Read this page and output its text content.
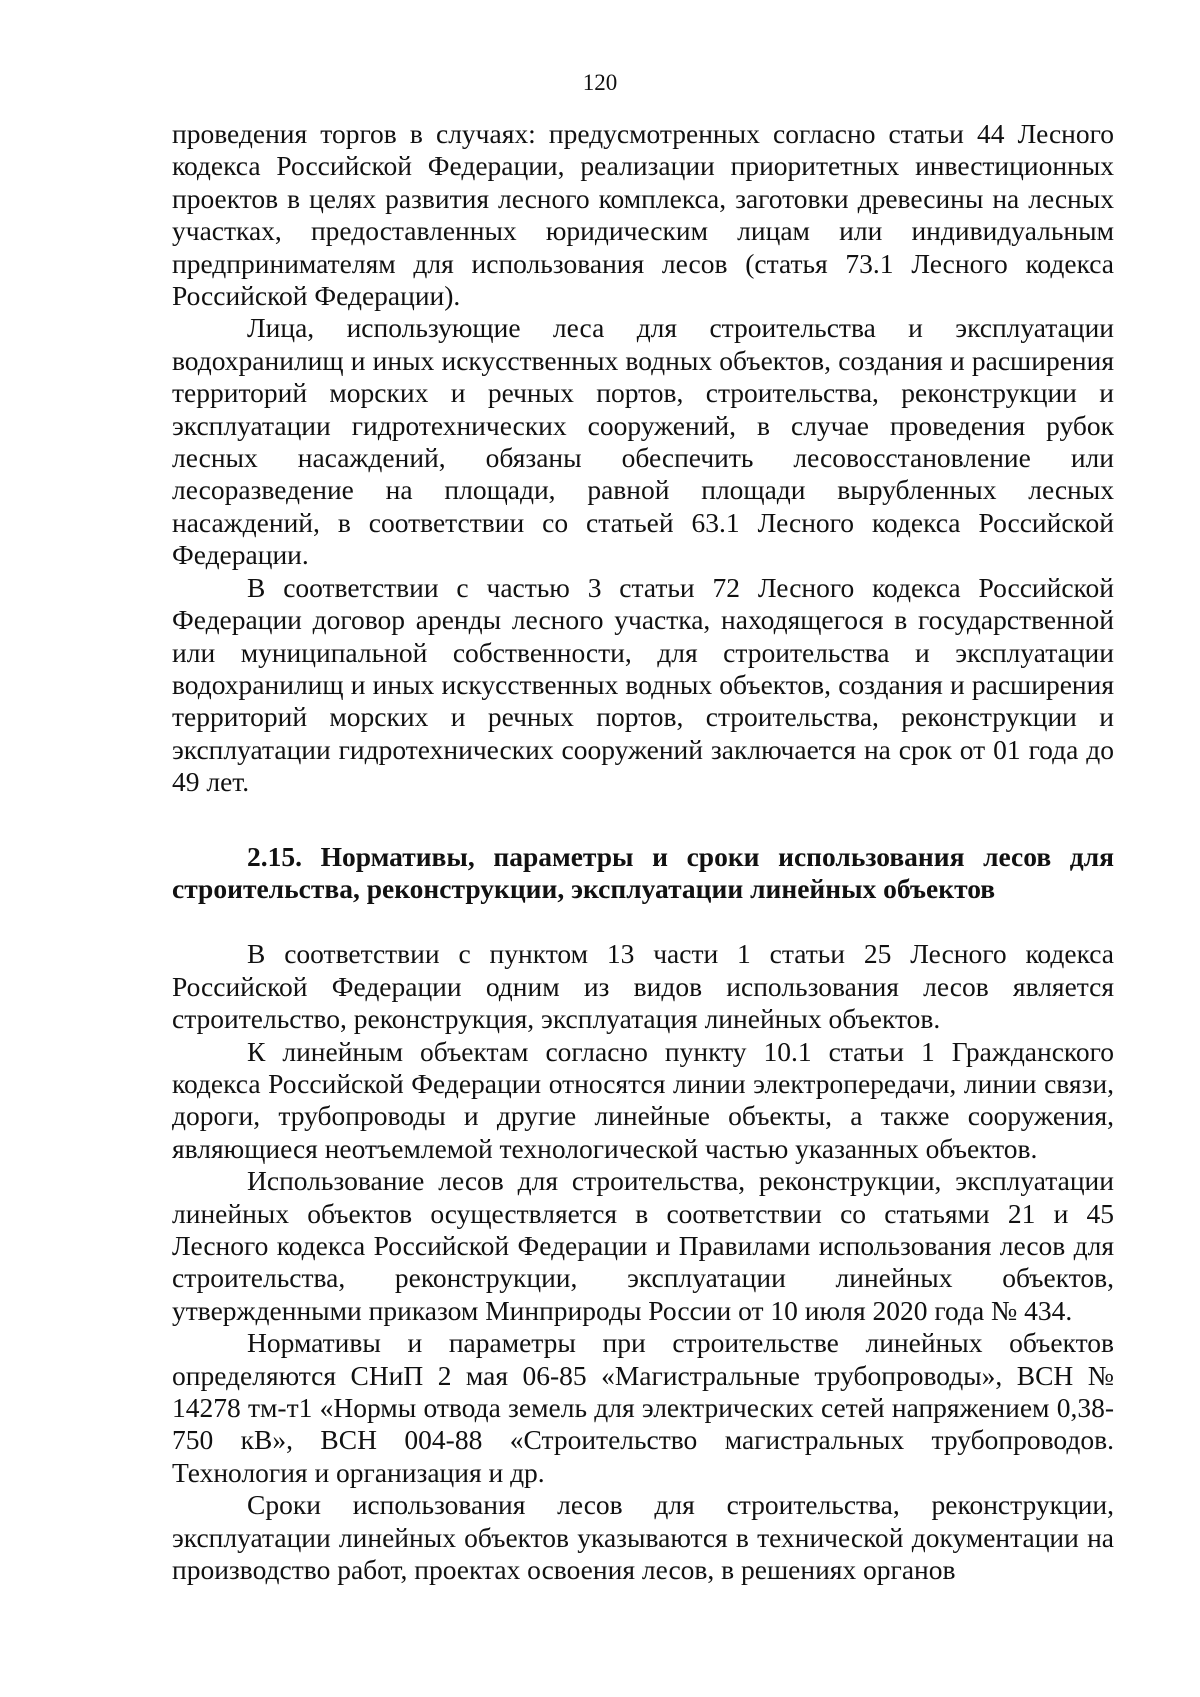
120

проведения торгов в случаях: предусмотренных согласно статьи 44 Лесного кодекса Российской Федерации, реализации приоритетных инвестиционных проектов в целях развития лесного комплекса, заготовки древесины на лесных участках, предоставленных юридическим лицам или индивидуальным предпринимателям для использования лесов (статья 73.1 Лесного кодекса Российской Федерации).

Лица, использующие леса для строительства и эксплуатации водохранилищ и иных искусственных водных объектов, создания и расширения территорий морских и речных портов, строительства, реконструкции и эксплуатации гидротехнических сооружений, в случае проведения рубок лесных насаждений, обязаны обеспечить лесовосстановление или лесоразведение на площади, равной площади вырубленных лесных насаждений, в соответствии со статьей 63.1 Лесного кодекса Российской Федерации.

В соответствии с частью 3 статьи 72 Лесного кодекса Российской Федерации договор аренды лесного участка, находящегося в государственной или муниципальной собственности, для строительства и эксплуатации водохранилищ и иных искусственных водных объектов, создания и расширения территорий морских и речных портов, строительства, реконструкции и эксплуатации гидротехнических сооружений заключается на срок от 01 года до 49 лет.

2.15. Нормативы, параметры и сроки использования лесов для строительства, реконструкции, эксплуатации линейных объектов

В соответствии с пунктом 13 части 1 статьи 25 Лесного кодекса Российской Федерации одним из видов использования лесов является строительство, реконструкция, эксплуатация линейных объектов.

К линейным объектам согласно пункту 10.1 статьи 1 Гражданского кодекса Российской Федерации относятся линии электропередачи, линии связи, дороги, трубопроводы и другие линейные объекты, а также сооружения, являющиеся неотъемлемой технологической частью указанных объектов.

Использование лесов для строительства, реконструкции, эксплуатации линейных объектов осуществляется в соответствии со статьями 21 и 45 Лесного кодекса Российской Федерации и Правилами использования лесов для строительства, реконструкции, эксплуатации линейных объектов, утвержденными приказом Минприроды России от 10 июля 2020 года № 434.

Нормативы и параметры при строительстве линейных объектов определяются СНиП 2 мая 06-85 «Магистральные трубопроводы», ВСН № 14278 тм-т1 «Нормы отвода земель для электрических сетей напряжением 0,38-750 кВ», ВСН 004-88 «Строительство магистральных трубопроводов. Технология и организация и др.

Сроки использования лесов для строительства, реконструкции, эксплуатации линейных объектов указываются в технической документации на производство работ, проектах освоения лесов, в решениях органов
